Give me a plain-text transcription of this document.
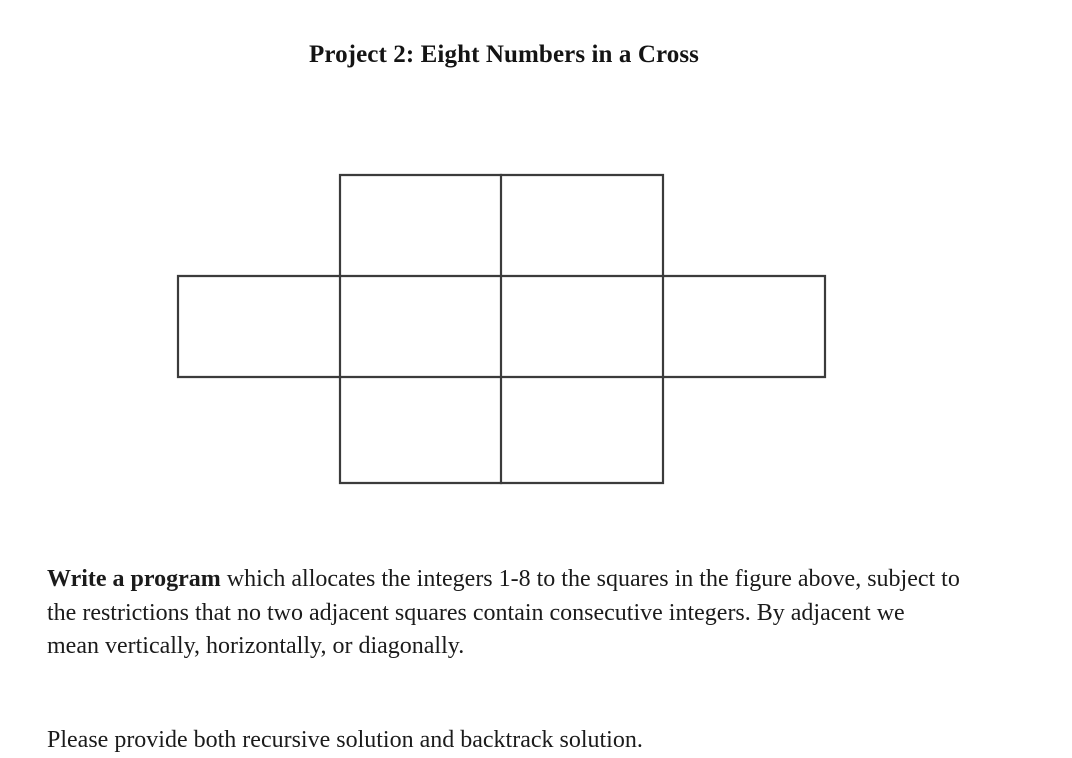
Project 2: Eight Numbers in a Cross

Write a program which allocates the integers 1-8 to the squares in the figure above, subject to the restrictions that no two adjacent squares contain consecutive integers. By adjacent we mean vertically, horizontally, or diagonally.

Please provide both recursive solution and backtrack solution.
